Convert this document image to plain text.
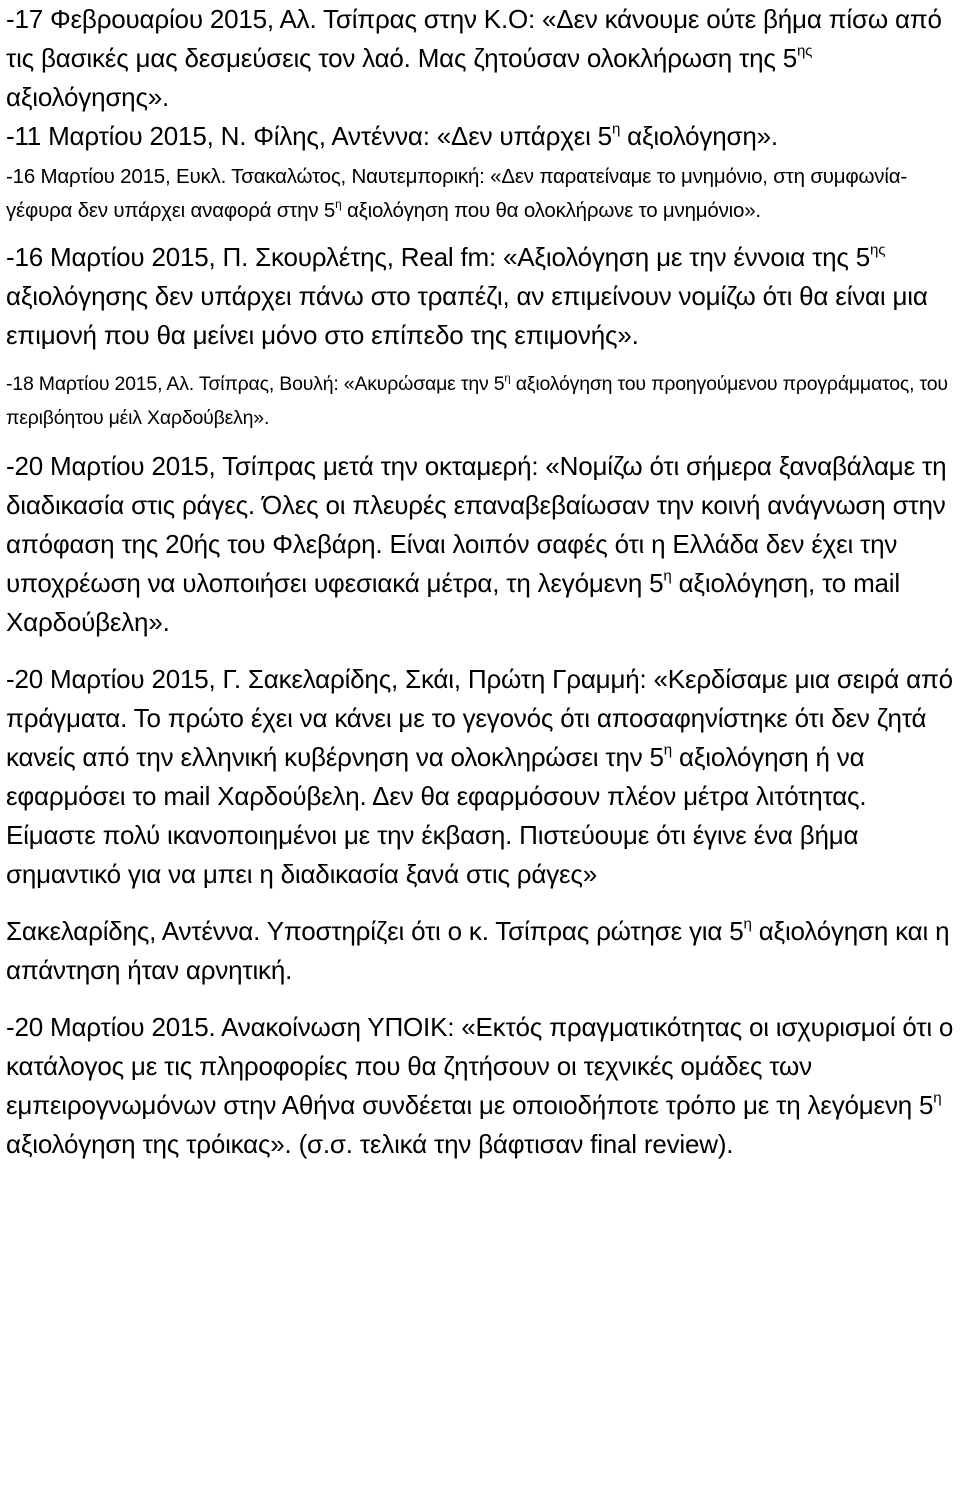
-17 Φεβρουαρίου 2015, Αλ. Τσίπρας στην Κ.Ο: «Δεν κάνουμε ούτε βήμα πίσω από τις βασικές μας δεσμεύσεις τον λαό. Μας ζητούσαν ολοκλήρωση της $5^{\eta\varsigma}$ αξιολόγησης».

-11 Μαρτίου 2015, Ν. Φίλης, Αντέννα: «Δεν υπάρχει $5^\eta$ αξιολόγηση».

-16 Μαρτίου 2015, Ευκλ. Τσακαλώτος, Ναυτεμπορική: «Δεν παρατείναμε το μνημόνιο, στη συμφωνία-γέφυρα δεν υπάρχει αναφορά στην $5^\eta$ αξιολόγηση που θα ολοκλήρωνε το μνημόνιο».

-16 Μαρτίου 2015, Π. Σκουρλέτης, Real fm: «Αξιολόγηση με την έννοια της $5^{\eta\varsigma}$ αξιολόγησης δεν υπάρχει πάνω στο τραπέζι, αν επιμείνουν νομίζω ότι θα είναι μια επιμονή που θα μείνει μόνο στο επίπεδο της επιμονής».

-18 Μαρτίου 2015, Αλ. Τσίπρας, Βουλή: «Ακυρώσαμε την $5^\eta$ αξιολόγηση του προηγούμενου προγράμματος, του περιβόητου μέιλ Χαρδούβελη».

-20 Μαρτίου 2015, Τσίπρας μετά την οκταμερή: «Νομίζω ότι σήμερα ξαναβάλαμε τη διαδικασία στις ράγες. Όλες οι πλευρές επαναβεβαίωσαν την κοινή ανάγνωση στην απόφαση της 20ής του Φλεβάρη. Είναι λοιπόν σαφές ότι η Ελλάδα δεν έχει την υποχρέωση να υλοποιήσει υφεσιακά μέτρα, τη λεγόμενη $5^\eta$ αξιολόγηση, το mail Χαρδούβελη».

-20 Μαρτίου 2015, Γ. Σακελαρίδης, Σκάι, Πρώτη Γραμμή: «Κερδίσαμε μια σειρά από πράγματα. Το πρώτο έχει να κάνει με το γεγονός ότι αποσαφηνίστηκε ότι δεν ζητά κανείς από την ελληνική κυβέρνηση να ολοκληρώσει την $5^\eta$ αξιολόγηση ή να εφαρμόσει το mail Χαρδούβελη. Δεν θα εφαρμόσουν πλέον μέτρα λιτότητας. Είμαστε πολύ ικανοποιημένοι με την έκβαση. Πιστεύουμε ότι έγινε ένα βήμα σημαντικό για να μπει η διαδικασία ξανά στις ράγες»

Σακελαρίδης, Αντέννα. Υποστηρίζει ότι ο κ. Τσίπρας ρώτησε για $5^\eta$ αξιολόγηση και η απάντηση ήταν αρνητική.

-20 Μαρτίου 2015. Ανακοίνωση ΥΠΟΙΚ: «Εκτός πραγματικότητας οι ισχυρισμοί ότι ο κατάλογος με τις πληροφορίες που θα ζητήσουν οι τεχνικές ομάδες των εμπειρογνωμόνων στην Αθήνα συνδέεται με οποιοδήποτε τρόπο με τη λεγόμενη $5^\eta$ αξιολόγηση της τρόικας». (σ.σ. τελικά την βάφτισαν final review).
